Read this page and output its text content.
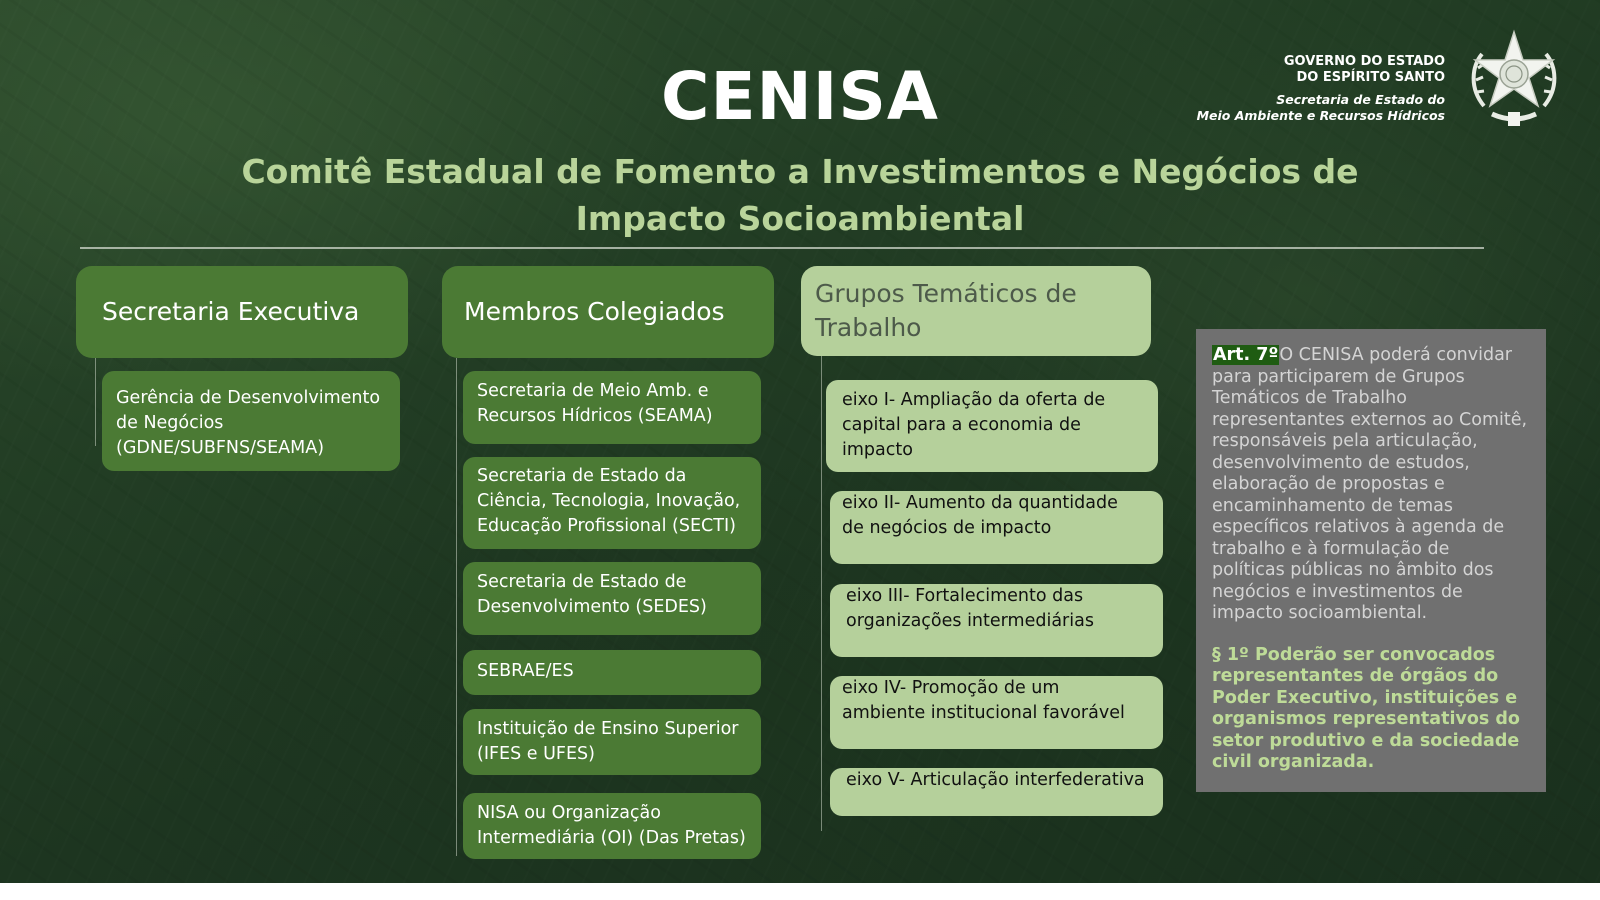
CENISA
Comitê Estadual de Fomento a Investimentos e Negócios de
Impacto Socioambiental
GOVERNO DO ESTADO
DO ESPÍRITO SANTO
Secretaria de Estado do
Meio Ambiente e Recursos Hídricos
Secretaria Executiva
Gerência de Desenvolvimento
de Negócios
(GDNE/SUBFNS/SEAMA)
Membros Colegiados
Secretaria de Meio Amb. e
Recursos Hídricos (SEAMA)
Secretaria de Estado da
Ciência, Tecnologia, Inovação,
Educação Profissional (SECTI)
Secretaria de Estado de
Desenvolvimento (SEDES)
SEBRAE/ES
Instituição de Ensino Superior
(IFES e UFES)
NISA ou Organização
Intermediária (OI) (Das Pretas)
Grupos Temáticos de
Trabalho
eixo I- Ampliação da oferta de
capital para a economia de
impacto
eixo II- Aumento da quantidade
de negócios de impacto
eixo III- Fortalecimento das
organizações intermediárias
eixo IV- Promoção de um
ambiente institucional favorável
eixo V- Articulação interfederativa
Art. 7ºO CENISA poderá convidar
para participarem de Grupos
Temáticos de Trabalho
representantes externos ao Comitê,
responsáveis pela articulação,
desenvolvimento de estudos,
elaboração de propostas e
encaminhamento de temas
específicos relativos à agenda de
trabalho e à formulação de
políticas públicas no âmbito dos
negócios e investimentos de
impacto socioambiental.
§ 1º Poderão ser convocados
representantes de órgãos do
Poder Executivo, instituições e
organismos representativos do
setor produtivo e da sociedade
civil organizada.
